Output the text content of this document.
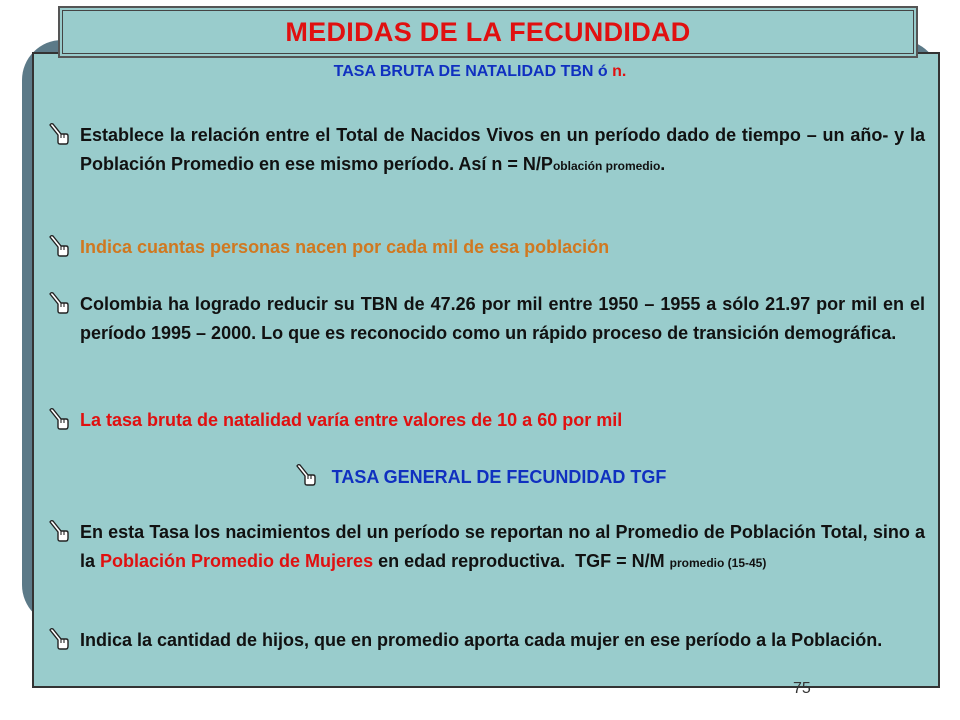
MEDIDAS DE LA FECUNDIDAD
TASA BRUTA DE NATALIDAD TBN ó n.
Establece la relación entre el Total de Nacidos Vivos en un período dado de tiempo – un año- y la Población Promedio en ese mismo período. Así n = N/Población promedio.
Indica cuantas personas nacen por cada mil de esa población
Colombia ha logrado reducir su TBN de 47.26 por mil entre 1950 – 1955 a sólo 21.97 por mil en el período 1995 – 2000. Lo que es reconocido como un rápido proceso de transición demográfica.
La tasa bruta de natalidad varía entre valores de 10 a 60 por mil
TASA GENERAL DE FECUNDIDAD TGF
En esta Tasa los nacimientos del un período se reportan no al Promedio de Población Total, sino a la Población Promedio de Mujeres en edad reproductiva.  TGF = N/M promedio (15-45)
Indica la cantidad de hijos, que en promedio aporta cada mujer en ese período a la Población.
75
